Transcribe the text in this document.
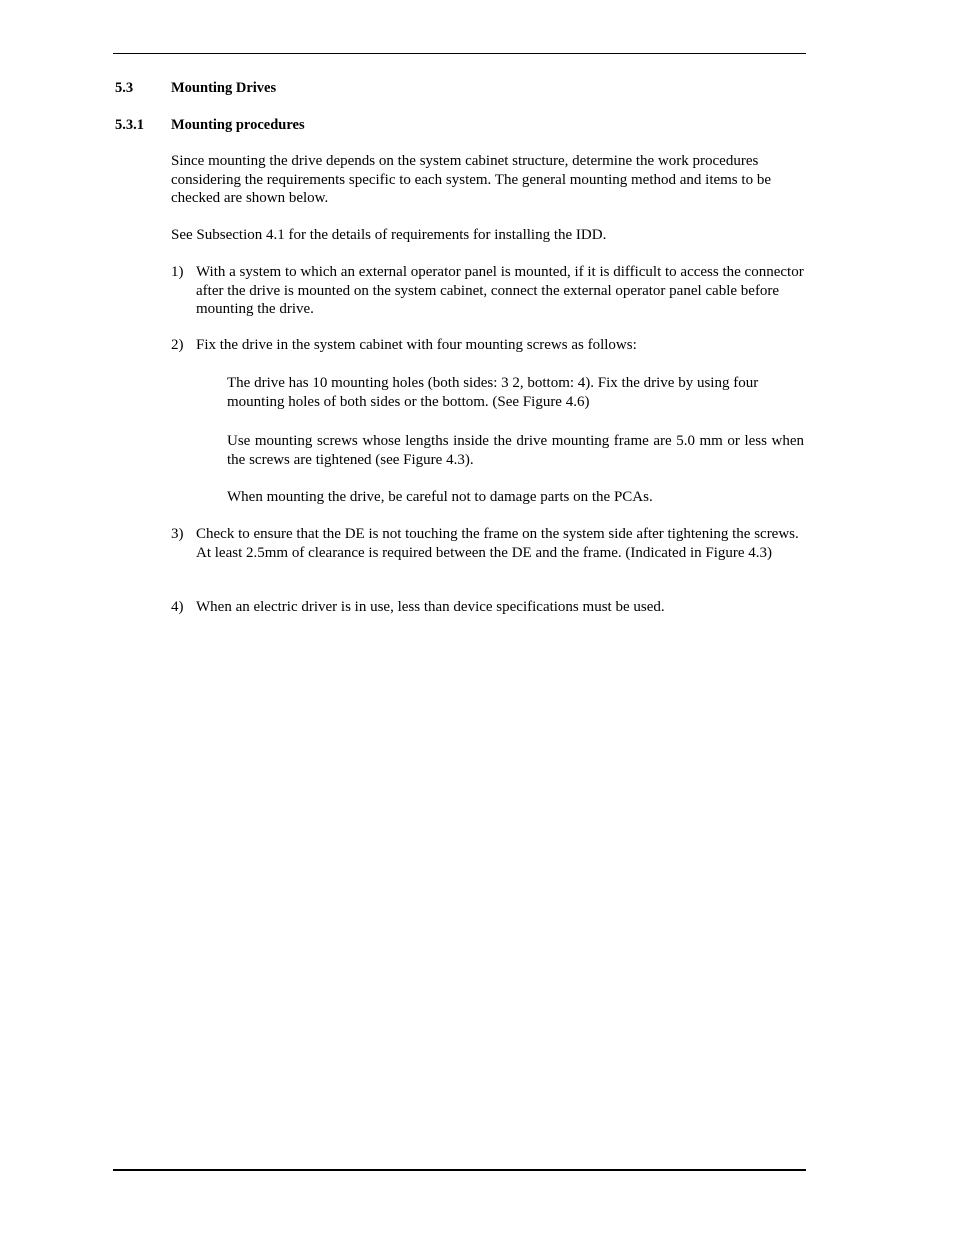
5.3	Mounting Drives
5.3.1 Mounting procedures
Since mounting the drive depends on the system cabinet structure, determine the work procedures considering the requirements specific to each system. The general mounting method and items to be checked are shown below.
See Subsection 4.1 for the details of requirements for installing the IDD.
1) With a system to which an external operator panel is mounted, if it is difficult to access the connector after the drive is mounted on the system cabinet, connect the external operator panel cable before mounting the drive.
2) Fix the drive in the system cabinet with four mounting screws as follows:
The drive has 10 mounting holes (both sides: 3 2, bottom: 4). Fix the drive by using four mounting holes of both sides or the bottom. (See Figure 4.6)
Use mounting screws whose lengths inside the drive mounting frame are 5.0 mm or less when the screws are tightened (see Figure 4.3).
When mounting the drive, be careful not to damage parts on the PCAs.
3) Check to ensure that the DE is not touching the frame on the system side after tightening the screws. At least 2.5mm of clearance is required between the DE and the frame. (Indicated in Figure 4.3)
4) When an electric driver is in use, less than device specifications must be used.
